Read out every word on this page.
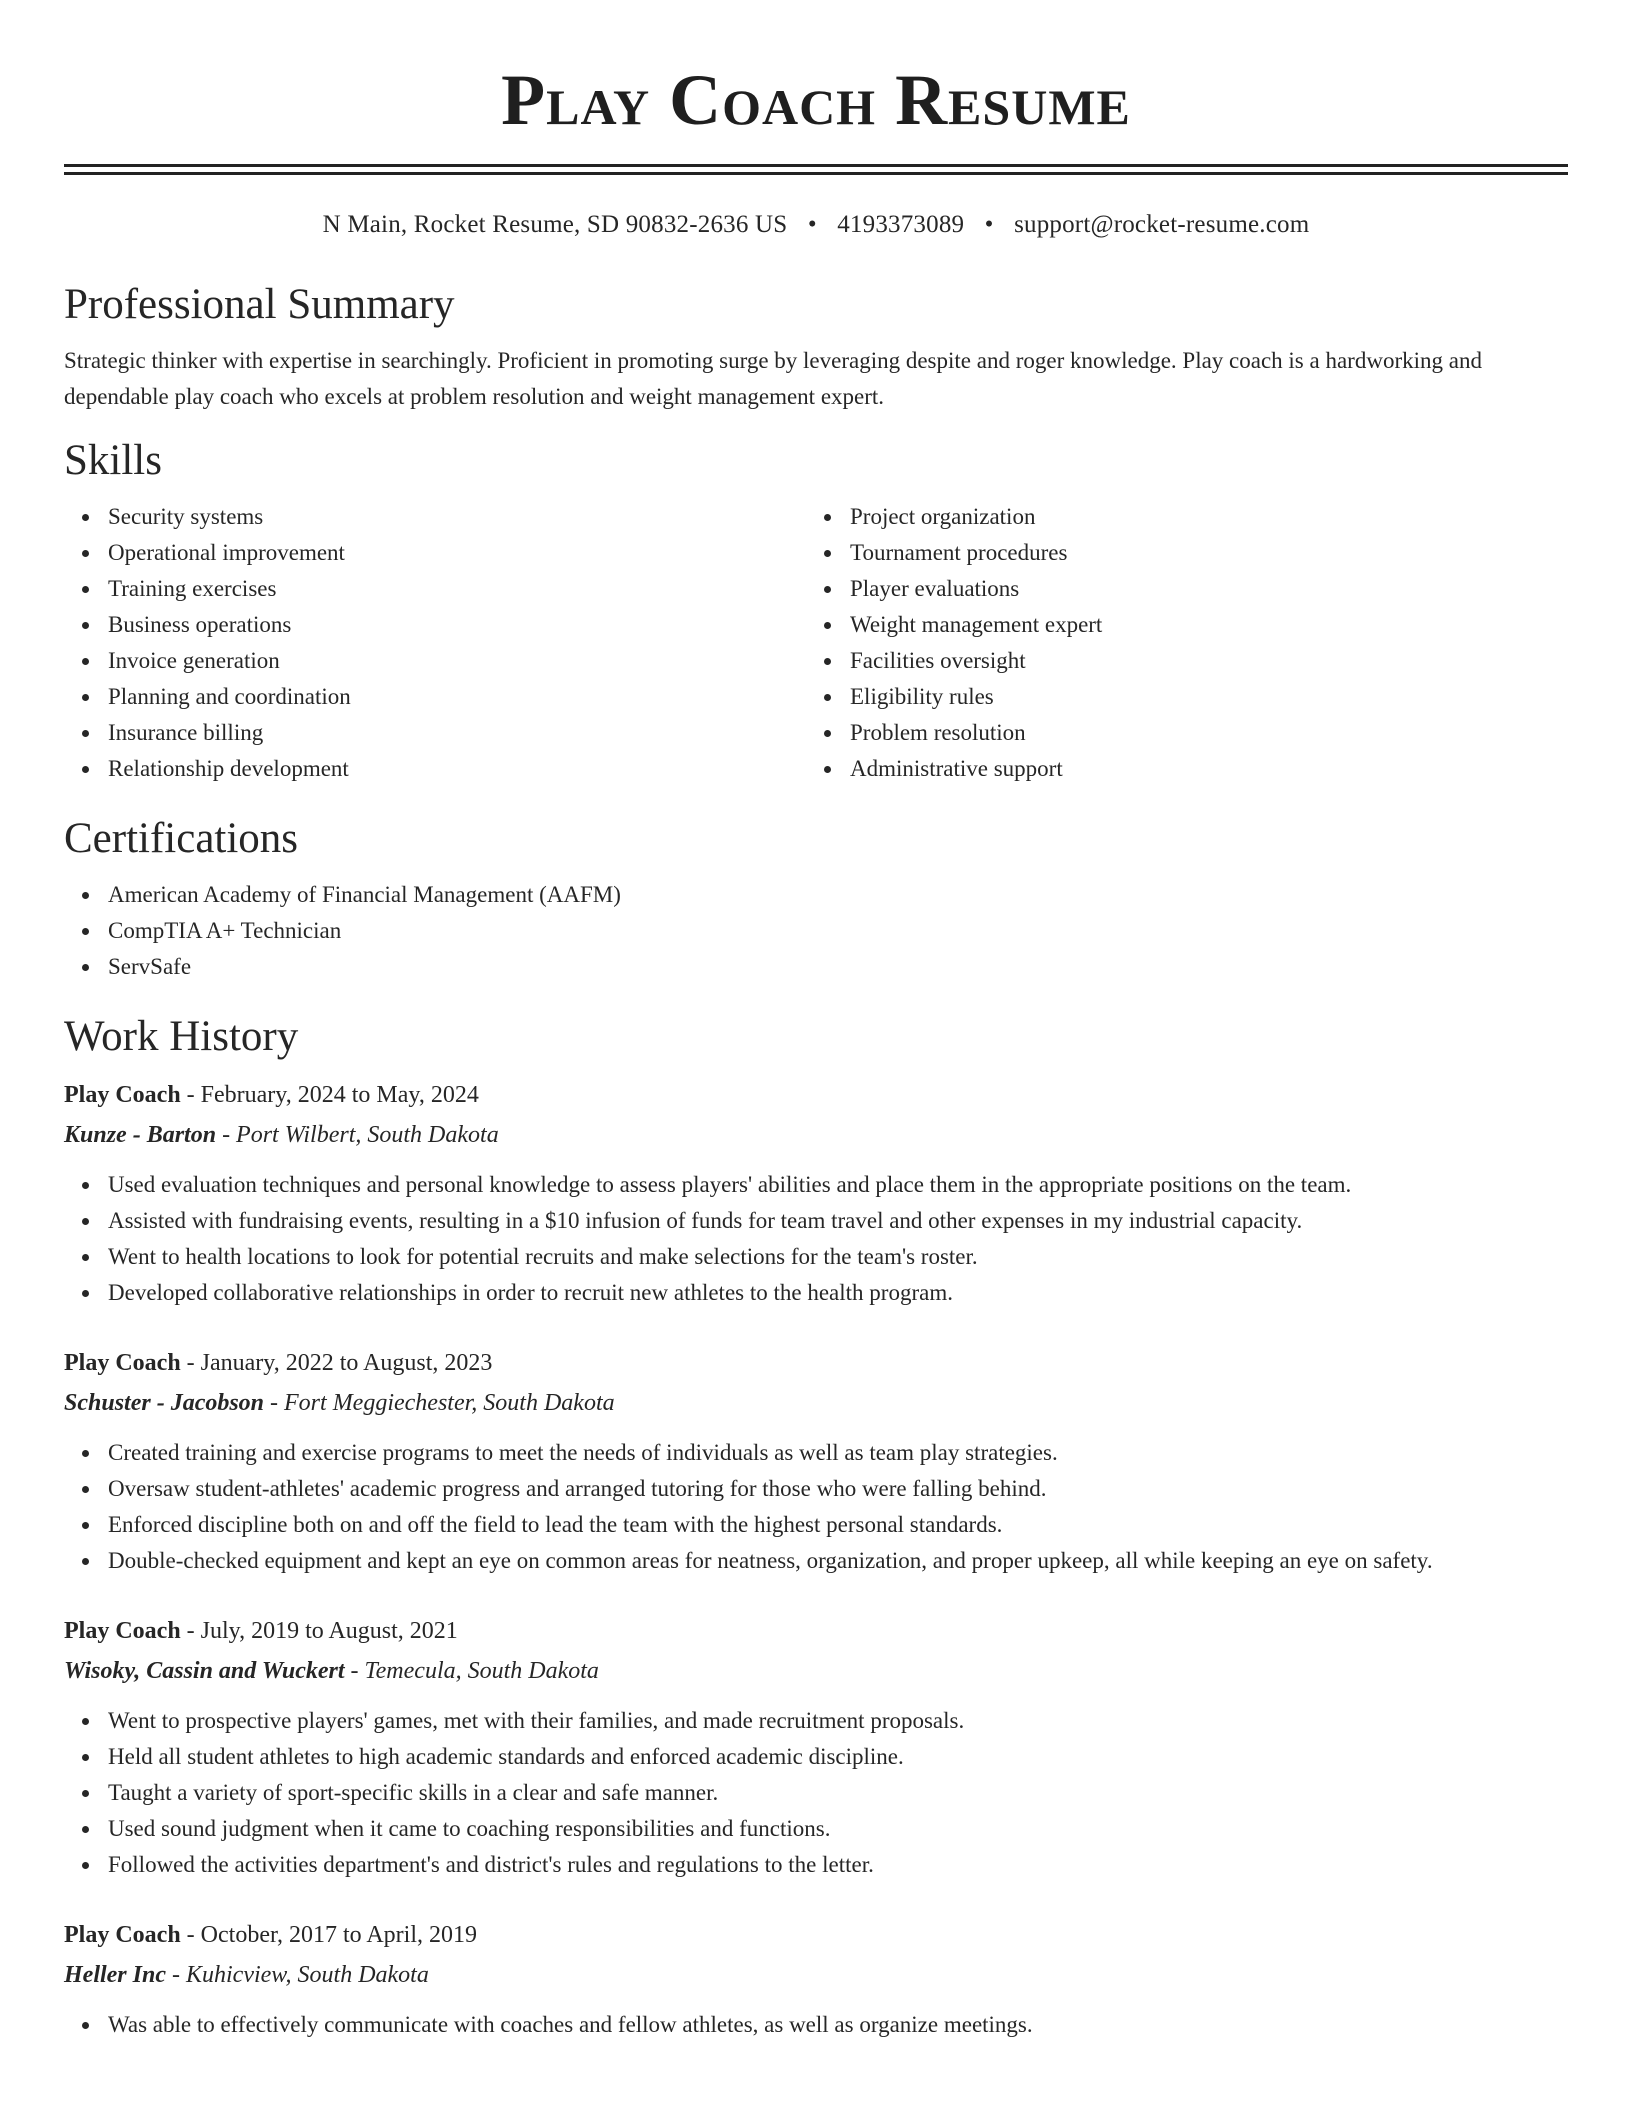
Play Coach Resume
N Main, Rocket Resume, SD 90832-2636 US • 4193373089 • support@rocket-resume.com
Professional Summary

Strategic thinker with expertise in searchingly. Proficient in promoting surge by leveraging despite and roger knowledge. Play coach is a hardworking and dependable play coach who excels at problem resolution and weight management expert.

Skills
Security systems
Operational improvement
Training exercises
Business operations
Invoice generation
Planning and coordination
Insurance billing
Relationship development
Project organization
Tournament procedures
Player evaluations
Weight management expert
Facilities oversight
Eligibility rules
Problem resolution
Administrative support
Certifications
American Academy of Financial Management (AAFM)
CompTIA A+ Technician
ServSafe
Work History
Play Coach - February, 2024 to May, 2024
Kunze - Barton - Port Wilbert, South Dakota
Used evaluation techniques and personal knowledge to assess players' abilities and place them in the appropriate positions on the team.
Assisted with fundraising events, resulting in a $10 infusion of funds for team travel and other expenses in my industrial capacity.
Went to health locations to look for potential recruits and make selections for the team's roster.
Developed collaborative relationships in order to recruit new athletes to the health program.
Play Coach - January, 2022 to August, 2023
Schuster - Jacobson - Fort Meggiechester, South Dakota
Created training and exercise programs to meet the needs of individuals as well as team play strategies.
Oversaw student-athletes' academic progress and arranged tutoring for those who were falling behind.
Enforced discipline both on and off the field to lead the team with the highest personal standards.
Double-checked equipment and kept an eye on common areas for neatness, organization, and proper upkeep, all while keeping an eye on safety.
Play Coach - July, 2019 to August, 2021
Wisoky, Cassin and Wuckert - Temecula, South Dakota
Went to prospective players' games, met with their families, and made recruitment proposals.
Held all student athletes to high academic standards and enforced academic discipline.
Taught a variety of sport-specific skills in a clear and safe manner.
Used sound judgment when it came to coaching responsibilities and functions.
Followed the activities department's and district's rules and regulations to the letter.
Play Coach - October, 2017 to April, 2019
Heller Inc - Kuhicview, South Dakota
Was able to effectively communicate with coaches and fellow athletes, as well as organize meetings.
